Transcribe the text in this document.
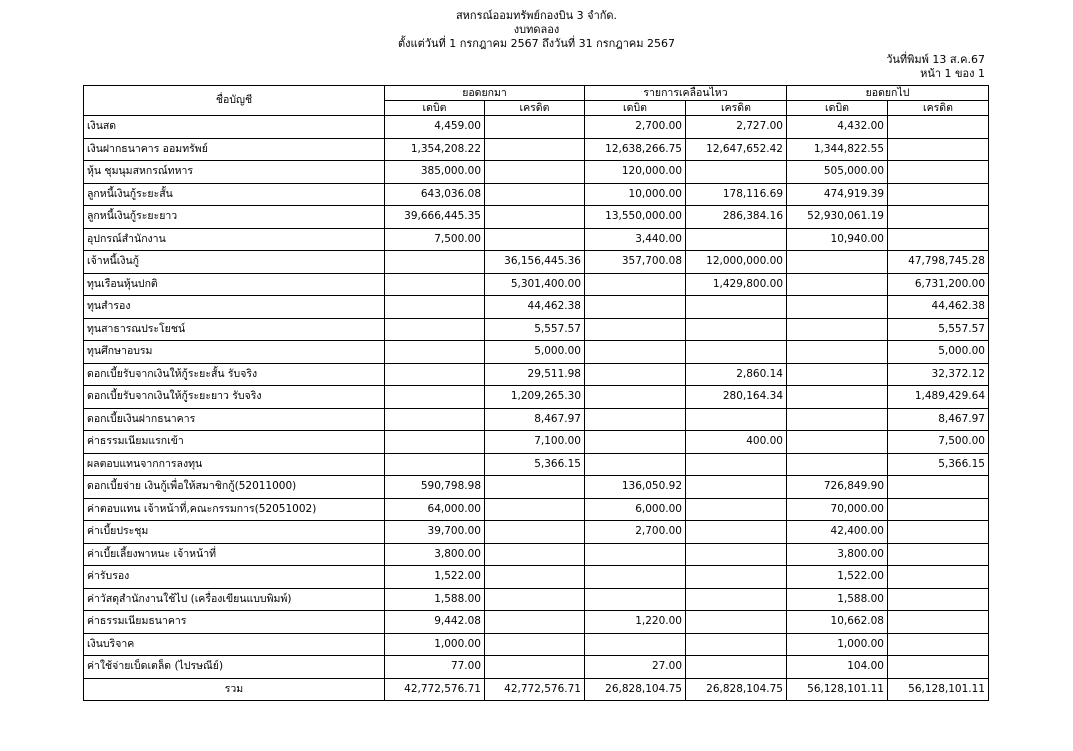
สหกรณ์ออมทรัพย์กองบิน 3 จำกัด.
งบทดลอง
ตั้งแต่วันที่ 1 กรกฎาคม 2567 ถึงวันที่ 31 กรกฎาคม 2567
วันที่พิมพ์ 13 ส.ค.67
หน้า 1 ของ 1
ชื่อบัญชี	ยอดยกมา		รายการเคลื่อนไหว		ยอดยกไป	
	เดบิต	เครดิต	เดบิต	เครดิต	เดบิต	เครดิต
เงินสด	4,459.00		2,700.00	2,727.00	4,432.00	
เงินฝากธนาคาร ออมทรัพย์	1,354,208.22		12,638,266.75	12,647,652.42	1,344,822.55	
หุ้น ชุมนุมสหกรณ์ทหาร	385,000.00		120,000.00		505,000.00	
ลูกหนี้เงินกู้ระยะสั้น	643,036.08		10,000.00	178,116.69	474,919.39	
ลูกหนี้เงินกู้ระยะยาว	39,666,445.35		13,550,000.00	286,384.16	52,930,061.19	
อุปกรณ์สำนักงาน	7,500.00		3,440.00		10,940.00	
เจ้าหนี้เงินกู้		36,156,445.36	357,700.08	12,000,000.00		47,798,745.28
ทุนเรือนหุ้นปกติ		5,301,400.00		1,429,800.00		6,731,200.00
ทุนสำรอง		44,462.38				44,462.38
ทุนสาธารณประโยชน์		5,557.57				5,557.57
ทุนศึกษาอบรม		5,000.00				5,000.00
ดอกเบี้ยรับจากเงินให้กู้ระยะสั้น รับจริง		29,511.98		2,860.14		32,372.12
ดอกเบี้ยรับจากเงินให้กู้ระยะยาว รับจริง		1,209,265.30		280,164.34		1,489,429.64
ดอกเบี้ยเงินฝากธนาคาร		8,467.97				8,467.97
ค่าธรรมเนียมแรกเข้า		7,100.00		400.00		7,500.00
ผลตอบแทนจากการลงทุน		5,366.15				5,366.15
ดอกเบี้ยจ่าย เงินกู้เพื่อให้สมาชิกกู้(52011000)	590,798.98		136,050.92		726,849.90	
ค่าตอบแทน เจ้าหน้าที่,คณะกรรมการ(52051002)	64,000.00		6,000.00		70,000.00	
ค่าเบี้ยประชุม	39,700.00		2,700.00		42,400.00	
ค่าเบี้ยเลี้ยงพาหนะ เจ้าหน้าที่	3,800.00				3,800.00	
ค่ารับรอง	1,522.00				1,522.00	
ค่าวัสดุสำนักงานใช้ไป (เครื่องเขียนแบบพิมพ์)	1,588.00				1,588.00	
ค่าธรรมเนียมธนาคาร	9,442.08		1,220.00		10,662.08	
เงินบริจาค	1,000.00				1,000.00	
ค่าใช้จ่ายเบ็ดเตล็ด (ไปรษณีย์)	77.00		27.00		104.00	
รวม	42,772,576.71	42,772,576.71	26,828,104.75	26,828,104.75	56,128,101.11	56,128,101.11
